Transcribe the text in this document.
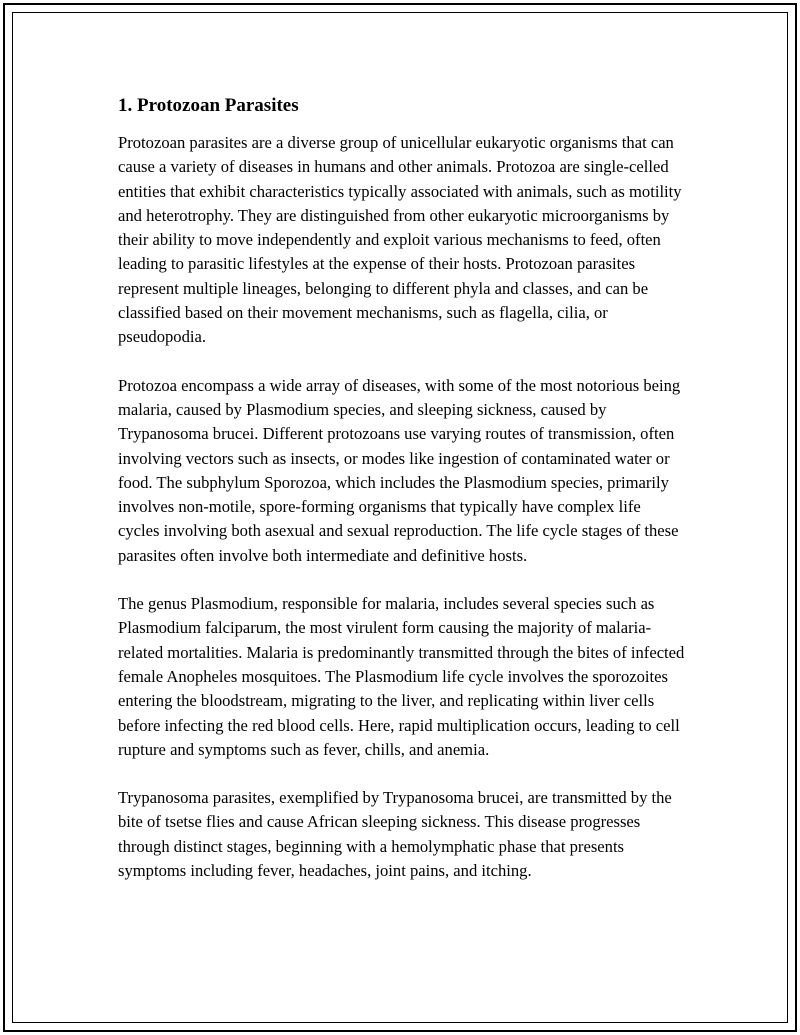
1. Protozoan Parasites

Protozoan parasites are a diverse group of unicellular eukaryotic organisms that can cause a variety of diseases in humans and other animals. Protozoa are single-celled entities that exhibit characteristics typically associated with animals, such as motility and heterotrophy. They are distinguished from other eukaryotic microorganisms by their ability to move independently and exploit various mechanisms to feed, often leading to parasitic lifestyles at the expense of their hosts. Protozoan parasites represent multiple lineages, belonging to different phyla and classes, and can be classified based on their movement mechanisms, such as flagella, cilia, or pseudopodia.

Protozoa encompass a wide array of diseases, with some of the most notorious being malaria, caused by Plasmodium species, and sleeping sickness, caused by Trypanosoma brucei. Different protozoans use varying routes of transmission, often involving vectors such as insects, or modes like ingestion of contaminated water or food. The subphylum Sporozoa, which includes the Plasmodium species, primarily involves non-motile, spore-forming organisms that typically have complex life cycles involving both asexual and sexual reproduction. The life cycle stages of these parasites often involve both intermediate and definitive hosts.

The genus Plasmodium, responsible for malaria, includes several species such as Plasmodium falciparum, the most virulent form causing the majority of malaria-related mortalities. Malaria is predominantly transmitted through the bites of infected female Anopheles mosquitoes. The Plasmodium life cycle involves the sporozoites entering the bloodstream, migrating to the liver, and replicating within liver cells before infecting the red blood cells. Here, rapid multiplication occurs, leading to cell rupture and symptoms such as fever, chills, and anemia.

Trypanosoma parasites, exemplified by Trypanosoma brucei, are transmitted by the bite of tsetse flies and cause African sleeping sickness. This disease progresses through distinct stages, beginning with a hemolymphatic phase that presents symptoms including fever, headaches, joint pains, and itching.
